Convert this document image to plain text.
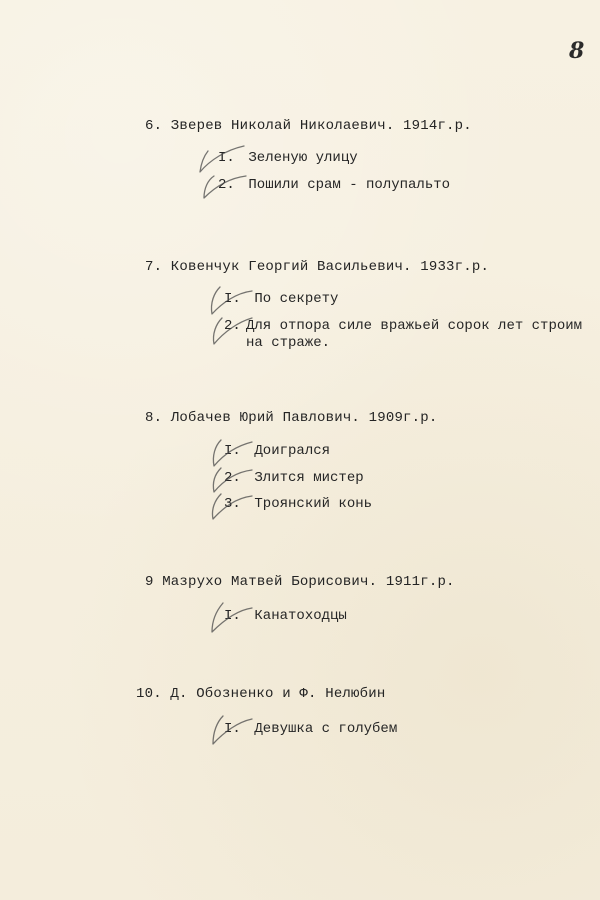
8
6. Зверев Николай Николаевич. 1914г.р.
I. Зеленую улицу
2. Пошили срам - полупальто
7. Ковенчук Георгий Васильевич. 1933г.р.
I. По секрету
2. Для отпора силе вражьей сорок лет строим на страже.
8. Лобачев Юрий Павлович. 1909г.р.
I. Доигрался
2. Злится мистер
3. Троянский конь
9 Мазрухо Матвей Борисович. 1911г.р.
I. Канатоходцы
10. Д. Обозненко и Ф. Нелюбин
I. Девушка с голубем
